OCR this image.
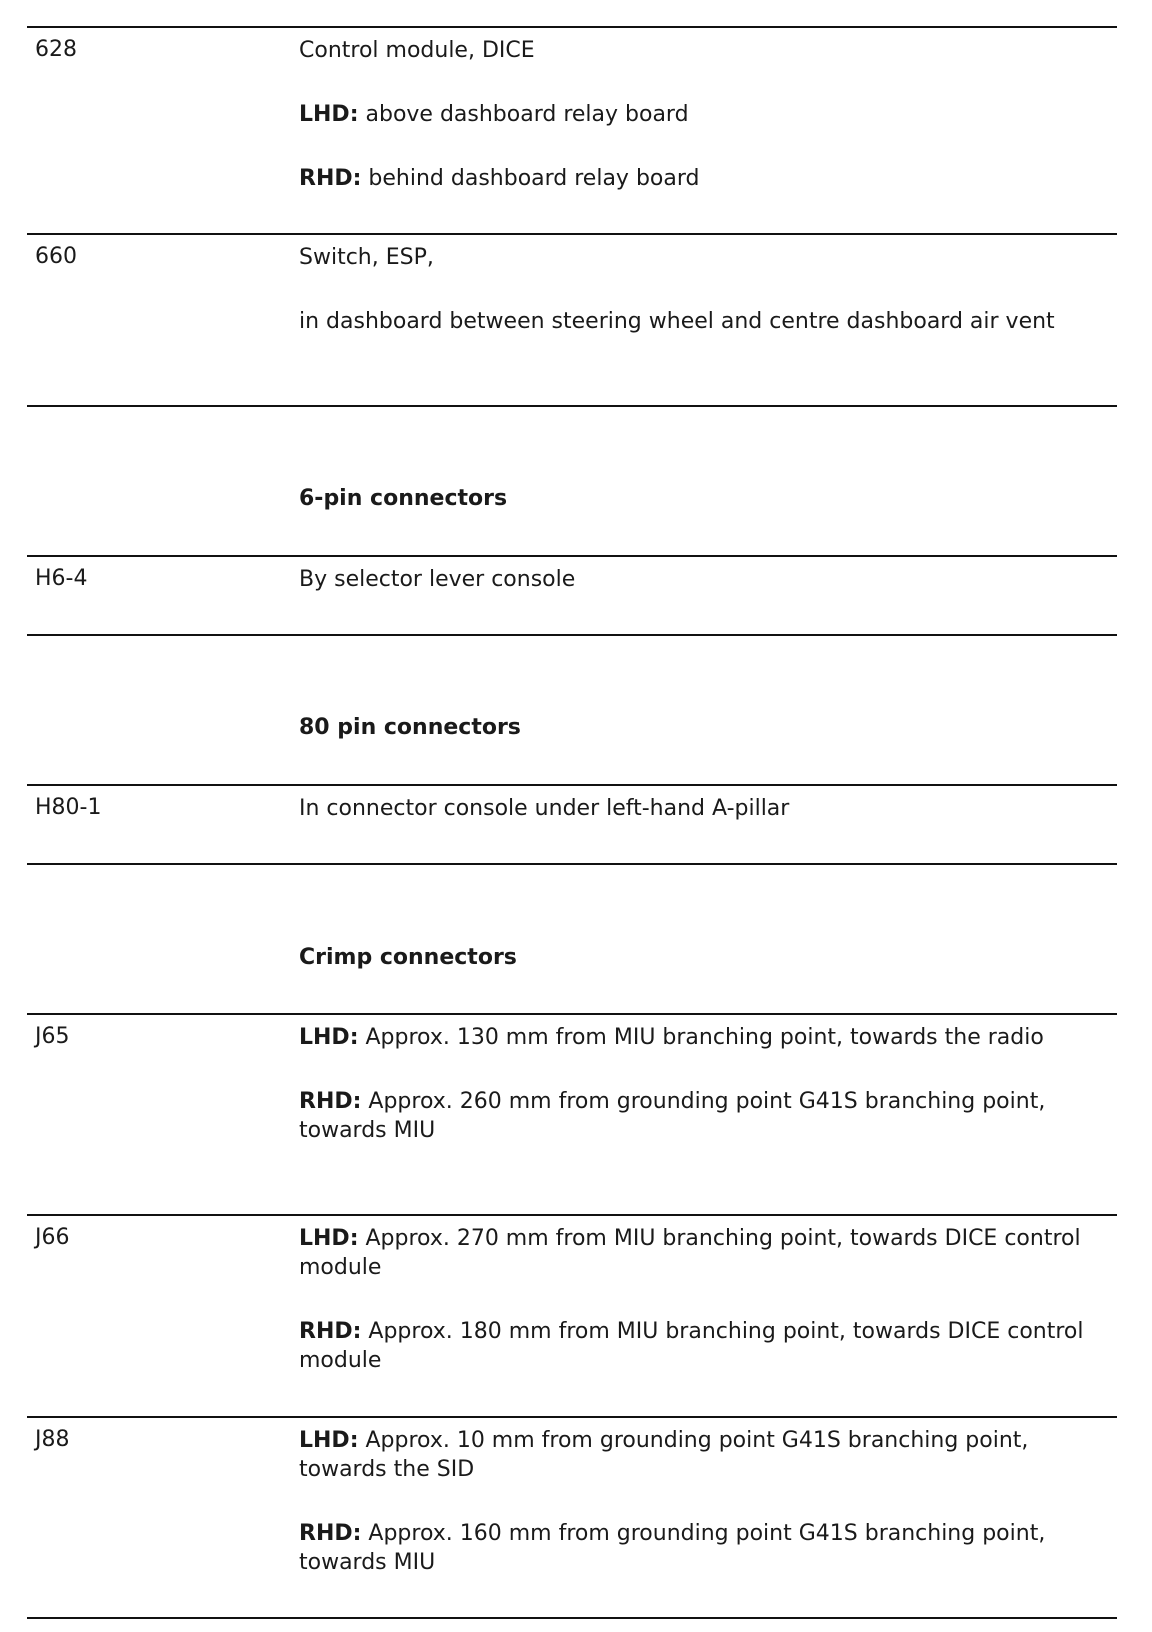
628	Control module, DICE

LHD: above dashboard relay board

RHD: behind dashboard relay board

660	Switch, ESP,

in dashboard between steering wheel and centre dashboard air vent

6-pin connectors
H6-4	By selector lever console

80 pin connectors
H80-1	In connector console under left-hand A-pillar

Crimp connectors
J65	LHD: Approx. 130 mm from MIU branching point, towards the radio

RHD: Approx. 260 mm from grounding point G41S branching point, towards MIU

J66	LHD: Approx. 270 mm from MIU branching point, towards DICE control module

RHD: Approx. 180 mm from MIU branching point, towards DICE control module

J88	LHD: Approx. 10 mm from grounding point G41S branching point, towards the SID

RHD: Approx. 160 mm from grounding point G41S branching point, towards MIU
